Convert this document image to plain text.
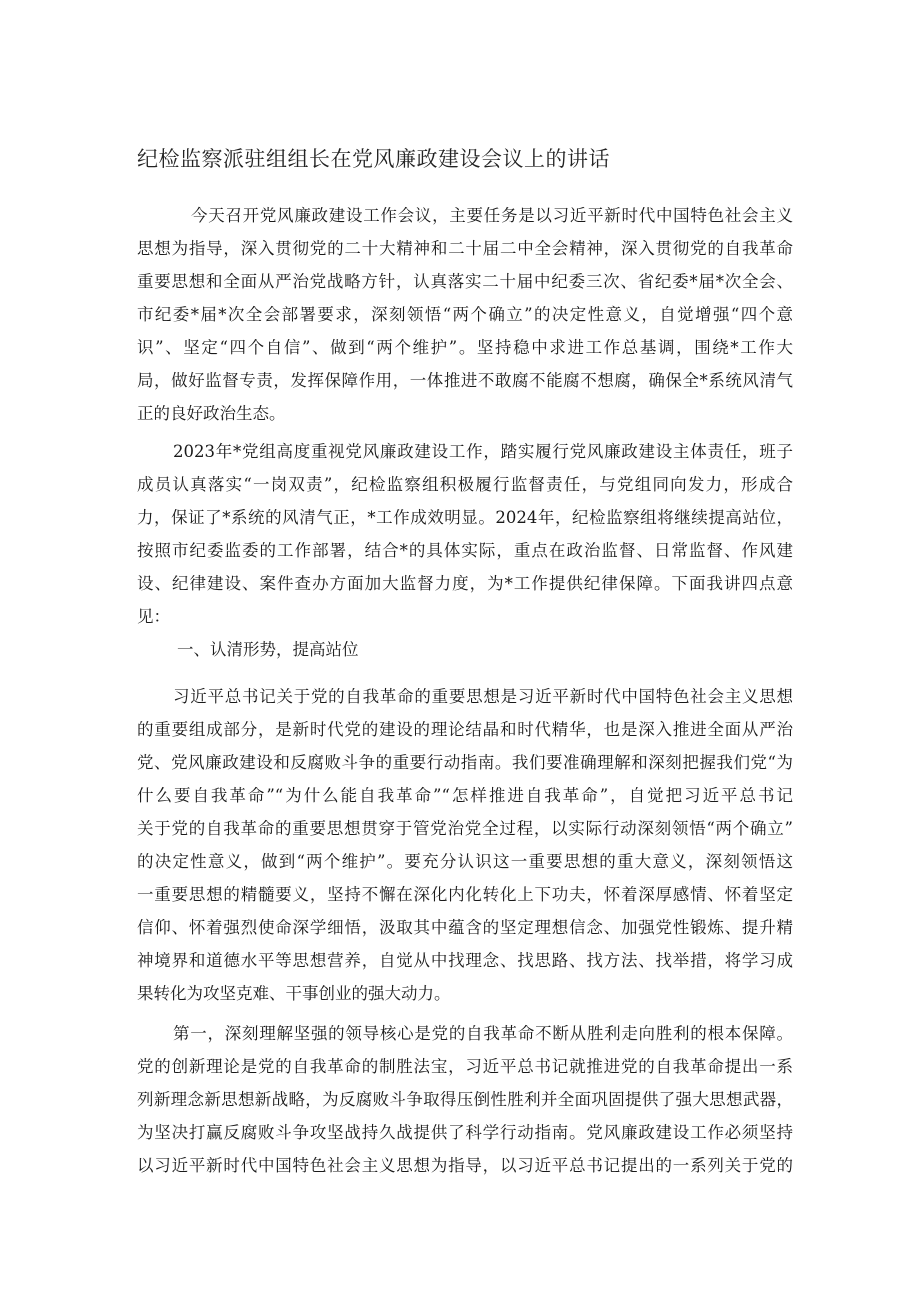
纪检监察派驻组组长在党风廉政建设会议上的讲话
今天召开党风廉政建设工作会议，主要任务是以习近平新时代中国特色社会主义
思想为指导，深入贯彻党的二十大精神和二十届二中全会精神，深入贯彻党的自我革命
重要思想和全面从严治党战略方针，认真落实二十届中纪委三次、省纪委*届*次全会、
市纪委*届*次全会部署要求，深刻领悟“两个确立”的决定性意义，自觉增强“四个意
识”、坚定“四个自信”、做到“两个维护”。坚持稳中求进工作总基调，围绕*工作大
局，做好监督专责，发挥保障作用，一体推进不敢腐不能腐不想腐，确保全*系统风清气
正的良好政治生态。
2023年*党组高度重视党风廉政建设工作，踏实履行党风廉政建设主体责任，班子
成员认真落实“一岗双责”，纪检监察组积极履行监督责任，与党组同向发力，形成合
力，保证了*系统的风清气正，*工作成效明显。2024年，纪检监察组将继续提高站位，
按照市纪委监委的工作部署，结合*的具体实际，重点在政治监督、日常监督、作风建
设、纪律建设、案件查办方面加大监督力度，为*工作提供纪律保障。下面我讲四点意
见：
一、认清形势，提高站位
习近平总书记关于党的自我革命的重要思想是习近平新时代中国特色社会主义思想
的重要组成部分，是新时代党的建设的理论结晶和时代精华，也是深入推进全面从严治
党、党风廉政建设和反腐败斗争的重要行动指南。我们要准确理解和深刻把握我们党“为
什么要自我革命”“为什么能自我革命”“怎样推进自我革命”，自觉把习近平总书记
关于党的自我革命的重要思想贯穿于管党治党全过程，以实际行动深刻领悟“两个确立”
的决定性意义，做到“两个维护”。要充分认识这一重要思想的重大意义，深刻领悟这
一重要思想的精髓要义，坚持不懈在深化内化转化上下功夫，怀着深厚感情、怀着坚定
信仰、怀着强烈使命深学细悟，汲取其中蕴含的坚定理想信念、加强党性锻炼、提升精
神境界和道德水平等思想营养，自觉从中找理念、找思路、找方法、找举措，将学习成
果转化为攻坚克难、干事创业的强大动力。
第一，深刻理解坚强的领导核心是党的自我革命不断从胜利走向胜利的根本保障。
党的创新理论是党的自我革命的制胜法宝，习近平总书记就推进党的自我革命提出一系
列新理念新思想新战略，为反腐败斗争取得压倒性胜利并全面巩固提供了强大思想武器，
为坚决打赢反腐败斗争攻坚战持久战提供了科学行动指南。党风廉政建设工作必须坚持
以习近平新时代中国特色社会主义思想为指导，以习近平总书记提出的一系列关于党的
